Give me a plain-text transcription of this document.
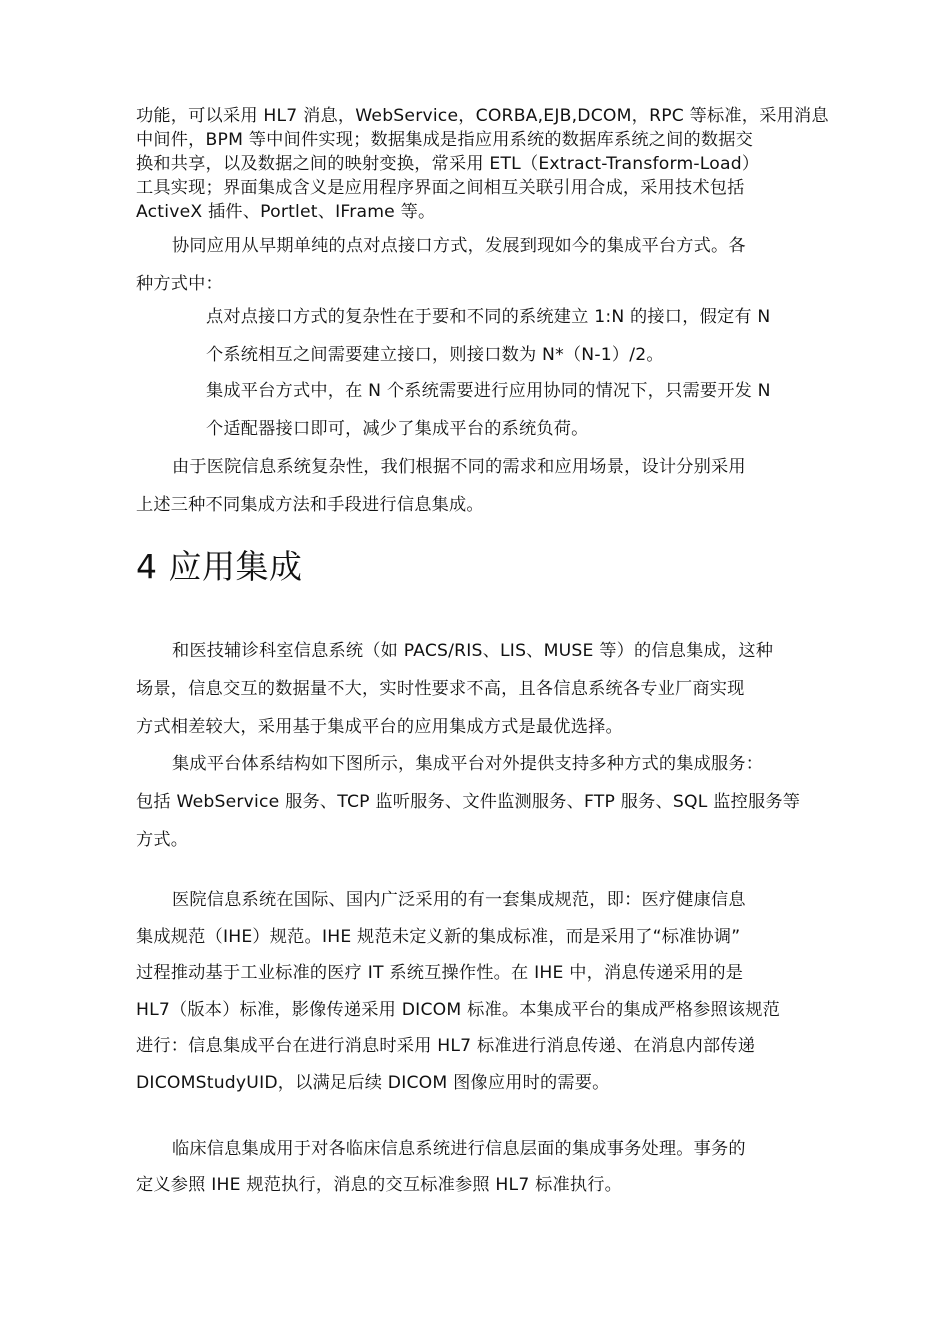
功能，可以采用 HL7 消息，WebService，CORBA,EJB,DCOM，RPC 等标准，采用消息
中间件，BPM 等中间件实现；数据集成是指应用系统的数据库系统之间的数据交
换和共享，以及数据之间的映射变换，常采用 ETL（Extract-Transform-Load）
工具实现；界面集成含义是应用程序界面之间相互关联引用合成，采用技术包括
ActiveX 插件、Portlet、IFrame 等。
协同应用从早期单纯的点对点接口方式，发展到现如今的集成平台方式。各
种方式中：
点对点接口方式的复杂性在于要和不同的系统建立 1:N 的接口，假定有 N
个系统相互之间需要建立接口，则接口数为 N*（N-1）/2。
集成平台方式中，在 N 个系统需要进行应用协同的情况下，只需要开发 N
个适配器接口即可，减少了集成平台的系统负荷。
由于医院信息系统复杂性，我们根据不同的需求和应用场景，设计分别采用
上述三种不同集成方法和手段进行信息集成。
4 应用集成
和医技辅诊科室信息系统（如 PACS/RIS、LIS、MUSE 等）的信息集成，这种
场景，信息交互的数据量不大，实时性要求不高，且各信息系统各专业厂商实现
方式相差较大，采用基于集成平台的应用集成方式是最优选择。
集成平台体系结构如下图所示，集成平台对外提供支持多种方式的集成服务：
包括 WebService 服务、TCP 监听服务、文件监测服务、FTP 服务、SQL 监控服务等
方式。
医院信息系统在国际、国内广泛采用的有一套集成规范，即：医疗健康信息
集成规范（IHE）规范。IHE 规范未定义新的集成标准，而是采用了“标准协调”
过程推动基于工业标准的医疗 IT 系统互操作性。在 IHE 中，消息传递采用的是
HL7（版本）标准，影像传递采用 DICOM 标准。本集成平台的集成严格参照该规范
进行：信息集成平台在进行消息时采用 HL7 标准进行消息传递、在消息内部传递
DICOMStudyUID，以满足后续 DICOM 图像应用时的需要。
临床信息集成用于对各临床信息系统进行信息层面的集成事务处理。事务的
定义参照 IHE 规范执行，消息的交互标准参照 HL7 标准执行。
